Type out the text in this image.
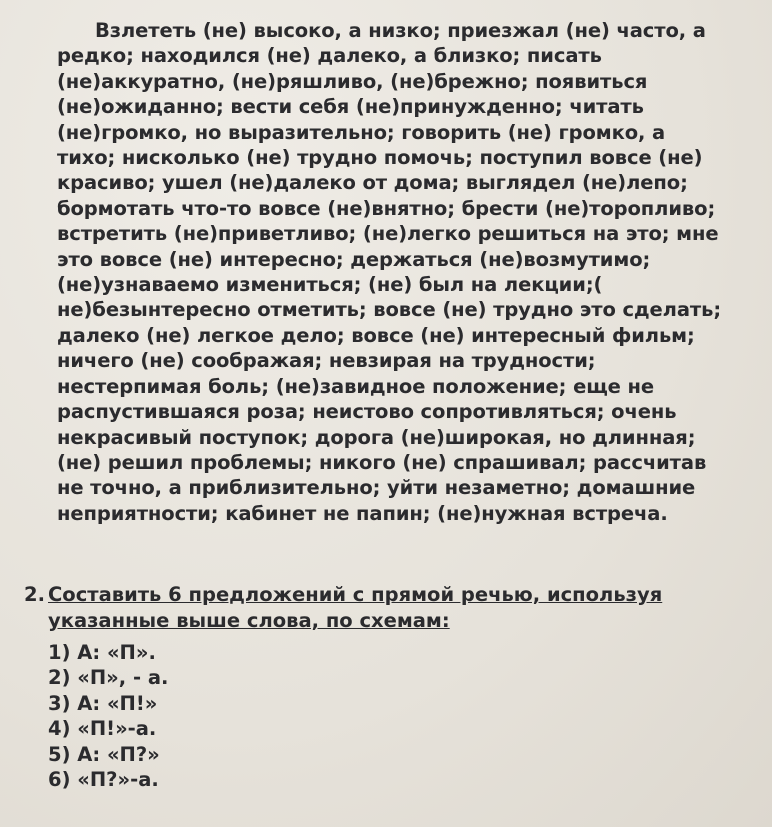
Взлететь (не) высоко, а низко; приезжал (не) часто, а
редко; находился (не) далеко, а близко; писать
(не)аккуратно, (не)ряшливо, (не)брежно; появиться
(не)ожиданно; вести себя (не)принужденно; читать
(не)громко, но выразительно; говорить (не) громко, а
тихо; нисколько (не) трудно помочь; поступил вовсе (не)
красиво; ушел (не)далеко от дома; выглядел (не)лепо;
бормотать что-то вовсе (не)внятно; брести (не)торопливо;
встретить (не)приветливо; (не)легко решиться на это; мне
это вовсе (не) интересно; держаться (не)возмутимо;
(не)узнаваемо измениться; (не) был на лекции;(
не)безынтересно отметить; вовсе (не) трудно это сделать;
далеко (не) легкое дело; вовсе (не) интересный фильм;
ничего (не) соображая; невзирая на трудности;
нестерпимая боль; (не)завидное положение; еще не
распустившаяся роза; неистово сопротивляться; очень
некрасивый поступок; дорога (не)широкая, но длинная;
(не) решил проблемы; никого (не) спрашивал; рассчитав
не точно, а приблизительно; уйти незаметно; домашние
неприятности; кабинет не папин; (не)нужная встреча.

2. Составить 6 предложений с прямой речью, используя
указанные выше слова, по схемам:
1) А: «П».
2) «П», - а.
3) А: «П!»
4) «П!»-а.
5) А: «П?»
6) «П?»-а.
